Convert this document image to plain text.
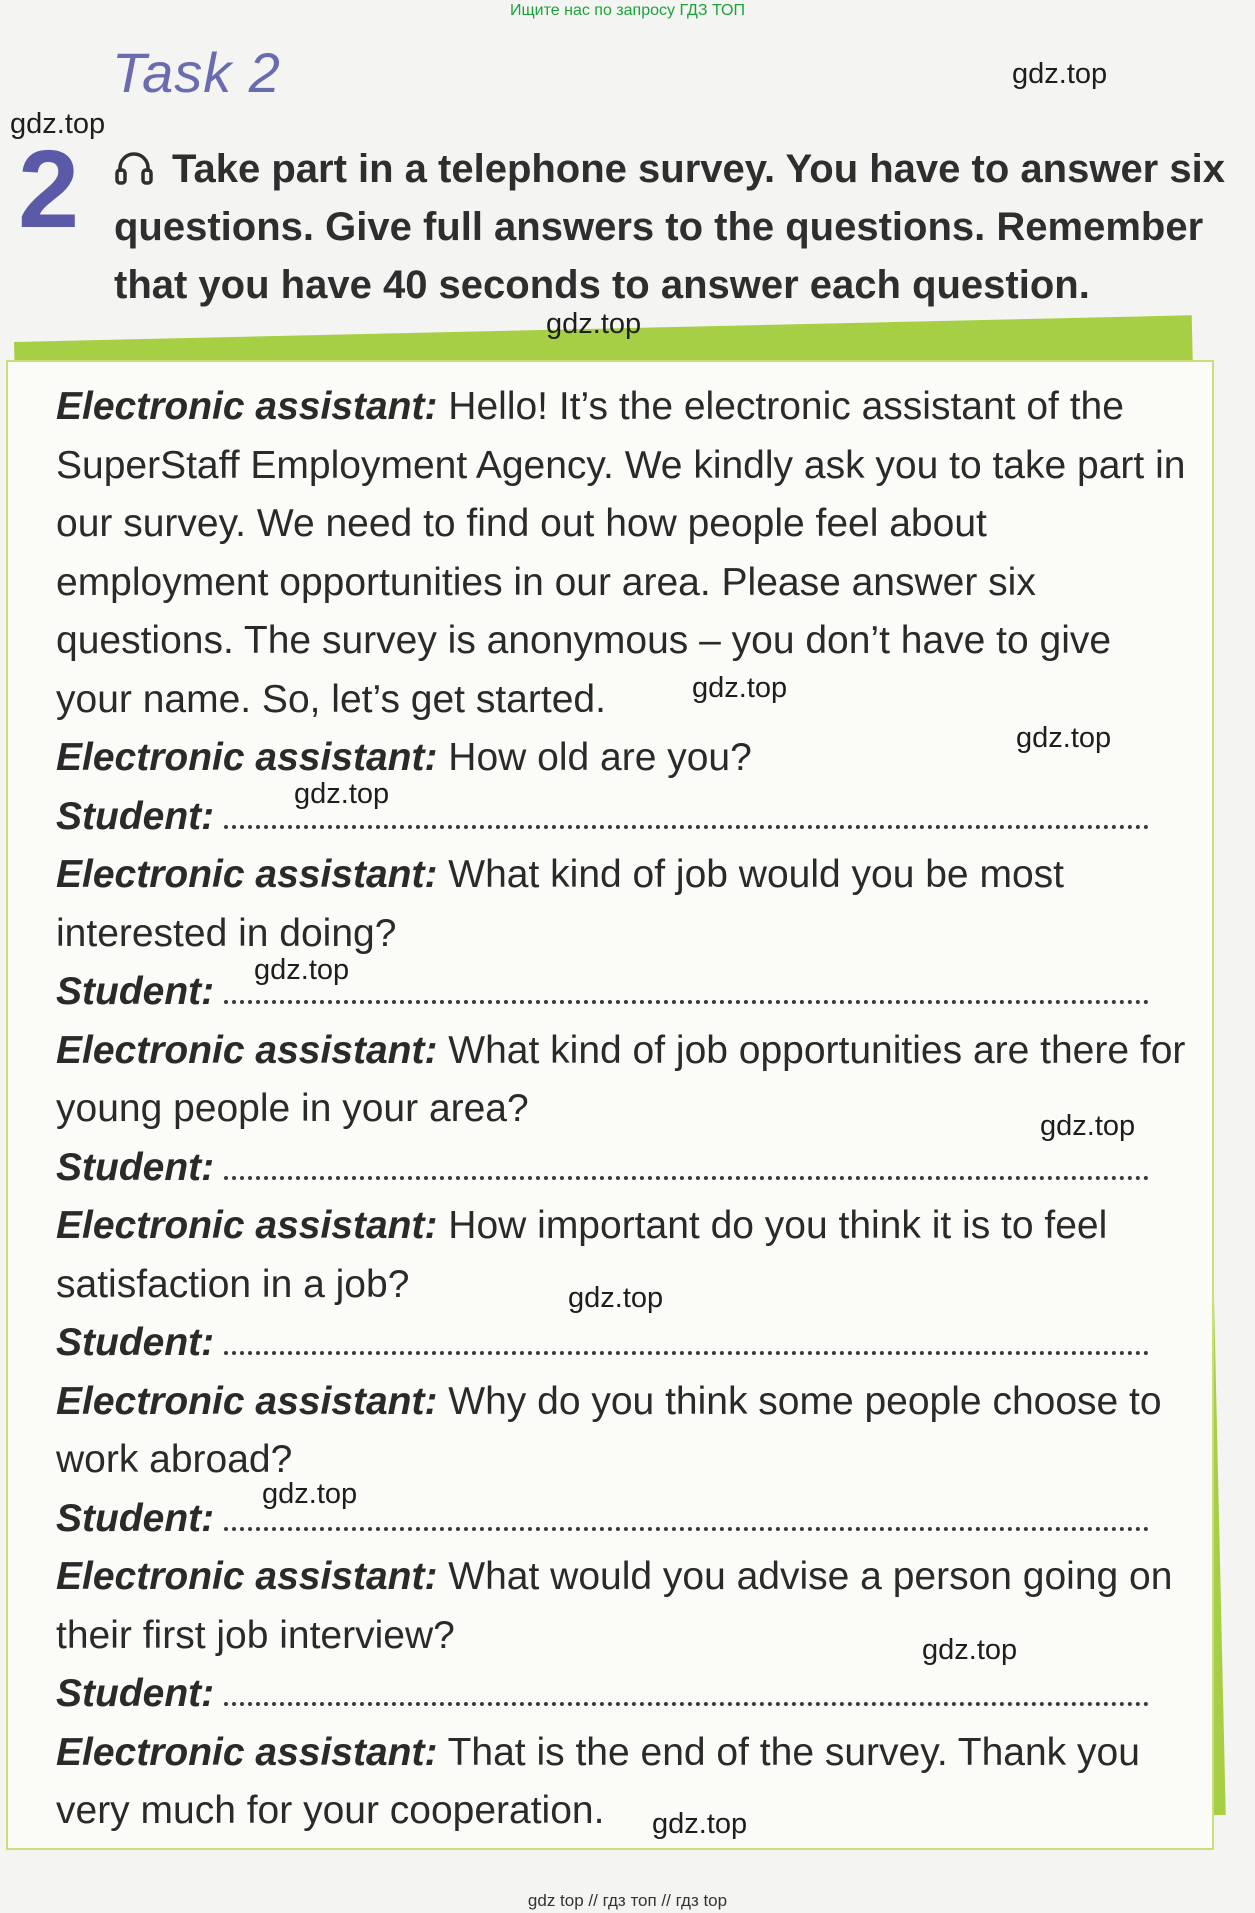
Ищите нас по запросу ГДЗ ТОП
Task 2
2	Take part in a telephone survey. You have to answer six questions. Give full answers to the questions. Remember that you have 40 seconds to answer each question.

Electronic assistant: Hello! It’s the electronic assistant of the SuperStaff Employment Agency. We kindly ask you to take part in our survey. We need to find out how people feel about employment opportunities in our area. Please answer six questions. The survey is anonymous – you don’t have to give your name. So, let’s get started.

Electronic assistant: How old are you?

Student:

Electronic assistant: What kind of job would you be most interested in doing?

Student:

Electronic assistant: What kind of job opportunities are there for young people in your area?

Student:

Electronic assistant: How important do you think it is to feel satisfaction in a job?

Student:

Electronic assistant: Why do you think some people choose to work abroad?

Student:

Electronic assistant: What would you advise a person going on their first job interview?

Student:

Electronic assistant: That is the end of the survey. Thank you very much for your cooperation.

gdz.top
gdz.top
gdz.top
gdz.top
gdz.top
gdz.top
gdz.top
gdz.top
gdz.top
gdz.top
gdz.top
gdz.top
gdz top // гдз топ // гдз top
